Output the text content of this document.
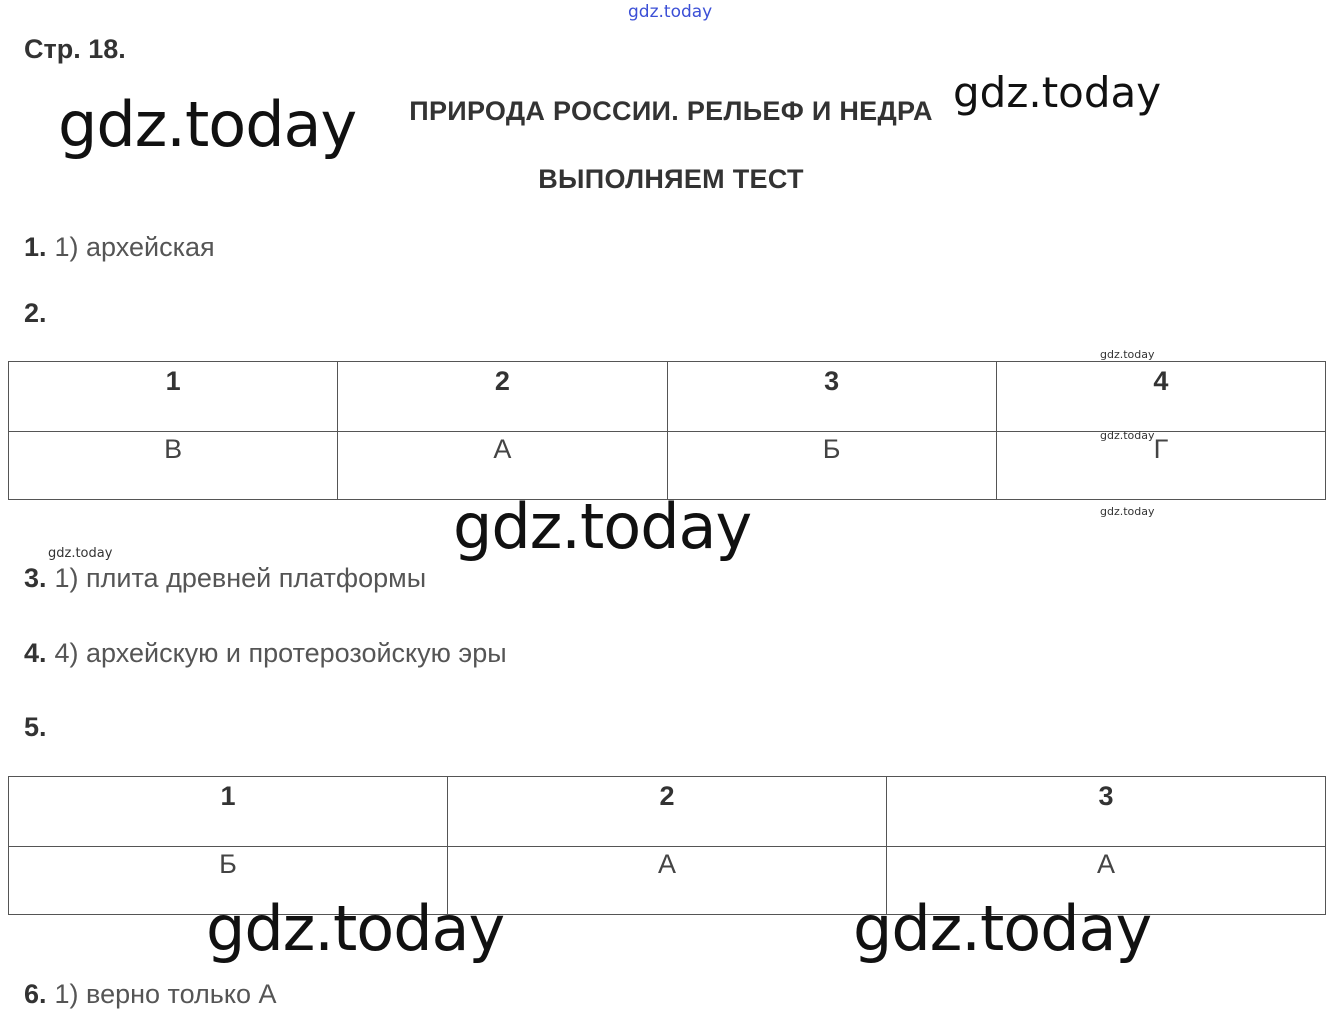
gdz.today
Стр. 18.
ПРИРОДА РОССИИ. РЕЛЬЕФ И НЕДРА
ВЫПОЛНЯЕМ ТЕСТ
1. 1) архейская
2.
1	2	3	4
В	А	Б	Г
3. 1) плита древней платформы
4. 4) архейскую и протерозойскую эры
5.
1	2	3
Б	А	А
6. 1) верно только А
gdz.today	gdz.today
gdz.today
gdz.today	gdz.today
gdz.today
gdz.today
gdz.today
gdz.today
